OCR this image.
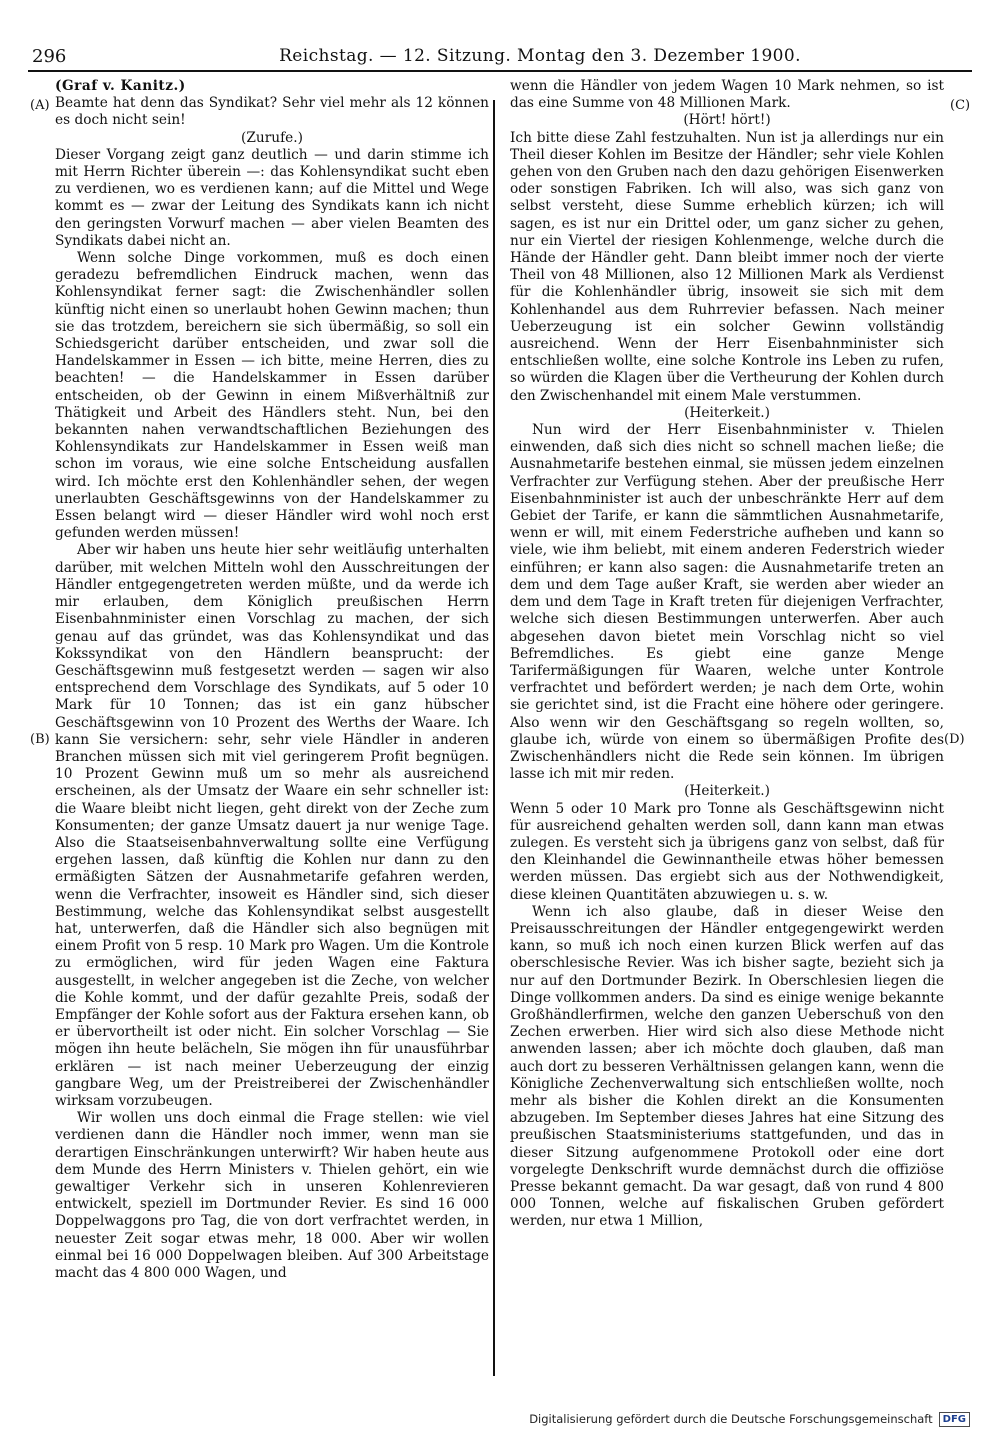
296	Reichstag. — 12. Sitzung. Montag den 3. Dezember 1900.
(A)
(B)
(C)
(D)

(Graf v. Kanitz.)

Beamte hat denn das Syndikat? Sehr viel mehr als 12 können es doch nicht sein!

(Zurufe.)

Dieser Vorgang zeigt ganz deutlich — und darin stimme ich mit Herrn Richter überein —: das Kohlensyndikat sucht eben zu verdienen, wo es verdienen kann; auf die Mittel und Wege kommt es — zwar der Leitung des Syndikats kann ich nicht den geringsten Vorwurf machen — aber vielen Beamten des Syndikats dabei nicht an.

Wenn solche Dinge vorkommen, muß es doch einen geradezu befremdlichen Eindruck machen, wenn das Kohlensyndikat ferner sagt: die Zwischenhändler sollen künftig nicht einen so unerlaubt hohen Gewinn machen; thun sie das trotzdem, bereichern sie sich übermäßig, so soll ein Schiedsgericht darüber entscheiden, und zwar soll die Handelskammer in Essen — ich bitte, meine Herren, dies zu beachten! — die Handelskammer in Essen darüber entscheiden, ob der Gewinn in einem Mißverhältniß zur Thätigkeit und Arbeit des Händlers steht. Nun, bei den bekannten nahen verwandtschaftlichen Beziehungen des Kohlensyndikats zur Handelskammer in Essen weiß man schon im voraus, wie eine solche Entscheidung ausfallen wird. Ich möchte erst den Kohlenhändler sehen, der wegen unerlaubten Geschäftsgewinns von der Handelskammer zu Essen belangt wird — dieser Händler wird wohl noch erst gefunden werden müssen!

Aber wir haben uns heute hier sehr weitläufig unterhalten darüber, mit welchen Mitteln wohl den Ausschreitungen der Händler entgegengetreten werden müßte, und da werde ich mir erlauben, dem Königlich preußischen Herrn Eisenbahnminister einen Vorschlag zu machen, der sich genau auf das gründet, was das Kohlensyndikat und das Kokssyndikat von den Händlern beansprucht: der Geschäftsgewinn muß festgesetzt werden — sagen wir also entsprechend dem Vorschlage des Syndikats, auf 5 oder 10 Mark für 10 Tonnen; das ist ein ganz hübscher Geschäftsgewinn von 10 Prozent des Werths der Waare. Ich kann Sie versichern: sehr, sehr viele Händler in anderen Branchen müssen sich mit viel geringerem Profit begnügen. 10 Prozent Gewinn muß um so mehr als ausreichend erscheinen, als der Umsatz der Waare ein sehr schneller ist: die Waare bleibt nicht liegen, geht direkt von der Zeche zum Konsumenten; der ganze Umsatz dauert ja nur wenige Tage. Also die Staatseisenbahnverwaltung sollte eine Verfügung ergehen lassen, daß künftig die Kohlen nur dann zu den ermäßigten Sätzen der Ausnahmetarife gefahren werden, wenn die Verfrachter, insoweit es Händler sind, sich dieser Bestimmung, welche das Kohlensyndikat selbst ausgestellt hat, unterwerfen, daß die Händler sich also begnügen mit einem Profit von 5 resp. 10 Mark pro Wagen. Um die Kontrole zu ermöglichen, wird für jeden Wagen eine Faktura ausgestellt, in welcher angegeben ist die Zeche, von welcher die Kohle kommt, und der dafür gezahlte Preis, sodaß der Empfänger der Kohle sofort aus der Faktura ersehen kann, ob er übervortheilt ist oder nicht. Ein solcher Vorschlag — Sie mögen ihn heute belächeln, Sie mögen ihn für unausführbar erklären — ist nach meiner Ueberzeugung der einzig gangbare Weg, um der Preistreiberei der Zwischenhändler wirksam vorzubeugen.

Wir wollen uns doch einmal die Frage stellen: wie viel verdienen dann die Händler noch immer, wenn man sie derartigen Einschränkungen unterwirft? Wir haben heute aus dem Munde des Herrn Ministers v. Thielen gehört, ein wie gewaltiger Verkehr sich in unseren Kohlenrevieren entwickelt, speziell im Dortmunder Revier. Es sind 16 000 Doppelwaggons pro Tag, die von dort verfrachtet werden, in neuester Zeit sogar etwas mehr, 18 000. Aber wir wollen einmal bei 16 000 Doppelwagen bleiben. Auf 300 Arbeitstage macht das 4 800 000 Wagen, und

wenn die Händler von jedem Wagen 10 Mark nehmen, so ist das eine Summe von 48 Millionen Mark.

(Hört! hört!)

Ich bitte diese Zahl festzuhalten. Nun ist ja allerdings nur ein Theil dieser Kohlen im Besitze der Händler; sehr viele Kohlen gehen von den Gruben nach den dazu gehörigen Eisenwerken oder sonstigen Fabriken. Ich will also, was sich ganz von selbst versteht, diese Summe erheblich kürzen; ich will sagen, es ist nur ein Drittel oder, um ganz sicher zu gehen, nur ein Viertel der riesigen Kohlenmenge, welche durch die Hände der Händler geht. Dann bleibt immer noch der vierte Theil von 48 Millionen, also 12 Millionen Mark als Verdienst für die Kohlenhändler übrig, insoweit sie sich mit dem Kohlenhandel aus dem Ruhrrevier befassen. Nach meiner Ueberzeugung ist ein solcher Gewinn vollständig ausreichend. Wenn der Herr Eisenbahnminister sich entschließen wollte, eine solche Kontrole ins Leben zu rufen, so würden die Klagen über die Vertheurung der Kohlen durch den Zwischenhandel mit einem Male verstummen.

(Heiterkeit.)

Nun wird der Herr Eisenbahnminister v. Thielen einwenden, daß sich dies nicht so schnell machen ließe; die Ausnahmetarife bestehen einmal, sie müssen jedem einzelnen Verfrachter zur Verfügung stehen. Aber der preußische Herr Eisenbahnminister ist auch der unbeschränkte Herr auf dem Gebiet der Tarife, er kann die sämmtlichen Ausnahmetarife, wenn er will, mit einem Federstriche aufheben und kann so viele, wie ihm beliebt, mit einem anderen Federstrich wieder einführen; er kann also sagen: die Ausnahmetarife treten an dem und dem Tage außer Kraft, sie werden aber wieder an dem und dem Tage in Kraft treten für diejenigen Verfrachter, welche sich diesen Bestimmungen unterwerfen. Aber auch abgesehen davon bietet mein Vorschlag nicht so viel Befremdliches. Es giebt eine ganze Menge Tarifermäßigungen für Waaren, welche unter Kontrole verfrachtet und befördert werden; je nach dem Orte, wohin sie gerichtet sind, ist die Fracht eine höhere oder geringere. Also wenn wir den Geschäftsgang so regeln wollten, so, glaube ich, würde von einem so übermäßigen Profite des Zwischenhändlers nicht die Rede sein können. Im übrigen lasse ich mit mir reden.

(Heiterkeit.)

Wenn 5 oder 10 Mark pro Tonne als Geschäftsgewinn nicht für ausreichend gehalten werden soll, dann kann man etwas zulegen. Es versteht sich ja übrigens ganz von selbst, daß für den Kleinhandel die Gewinnantheile etwas höher bemessen werden müssen. Das ergiebt sich aus der Nothwendigkeit, diese kleinen Quantitäten abzuwiegen u. s. w.

Wenn ich also glaube, daß in dieser Weise den Preisausschreitungen der Händler entgegengewirkt werden kann, so muß ich noch einen kurzen Blick werfen auf das oberschlesische Revier. Was ich bisher sagte, bezieht sich ja nur auf den Dortmunder Bezirk. In Oberschlesien liegen die Dinge vollkommen anders. Da sind es einige wenige bekannte Großhändlerfirmen, welche den ganzen Ueberschuß von den Zechen erwerben. Hier wird sich also diese Methode nicht anwenden lassen; aber ich möchte doch glauben, daß man auch dort zu besseren Verhältnissen gelangen kann, wenn die Königliche Zechenverwaltung sich entschließen wollte, noch mehr als bisher die Kohlen direkt an die Konsumenten abzugeben. Im September dieses Jahres hat eine Sitzung des preußischen Staatsministeriums stattgefunden, und das in dieser Sitzung aufgenommene Protokoll oder eine dort vorgelegte Denkschrift wurde demnächst durch die offiziöse Presse bekannt gemacht. Da war gesagt, daß von rund 4 800 000 Tonnen, welche auf fiskalischen Gruben gefördert werden, nur etwa 1 Million,

Digitalisierung gefördert durch die Deutsche Forschungsgemeinschaft	DFG
